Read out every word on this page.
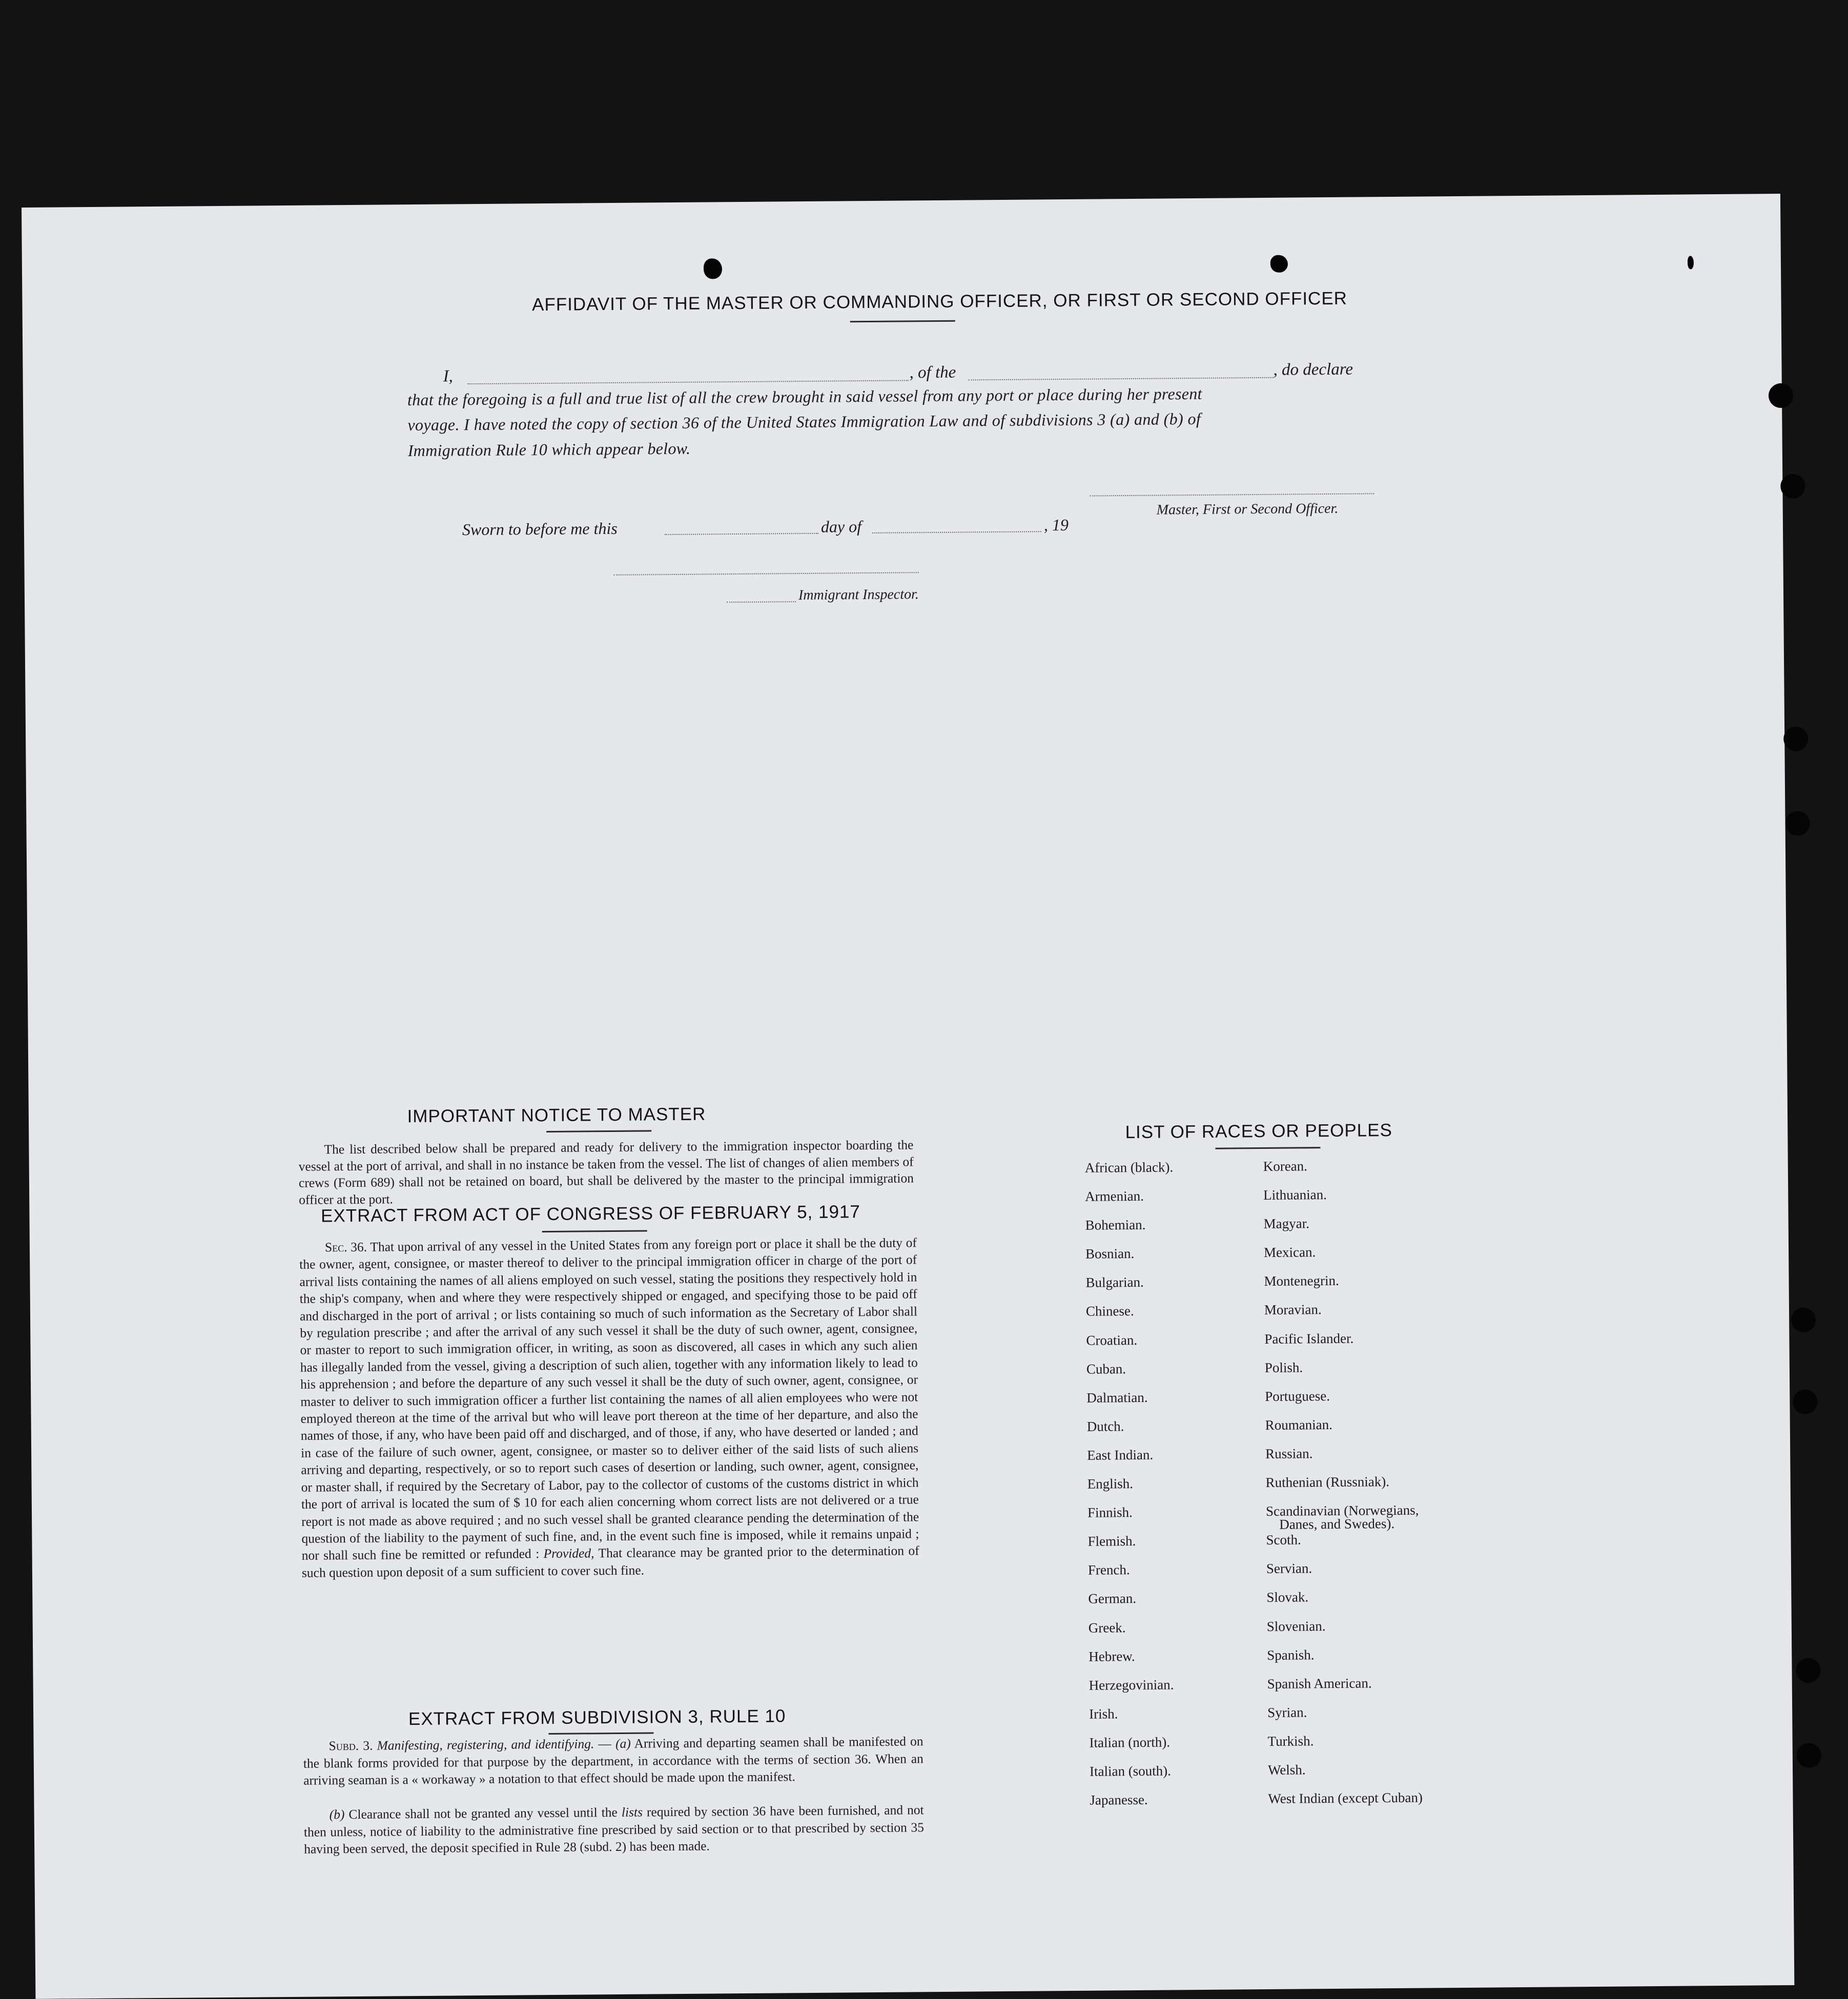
AFFIDAVIT OF THE MASTER OR COMMANDING OFFICER, OR FIRST OR SECOND OFFICER
I,	, of the	, do declare
that the foregoing is a full and true list of all the crew brought in said vessel from any port or place during her present
voyage. I have noted the copy of section 36 of the United States Immigration Law and of subdivisions 3 (a) and (b) of
Immigration Rule 10 which appear below.
Master, First or Second Officer.
Sworn to before me this	day of	, 19
Immigrant Inspector.
IMPORTANT NOTICE TO MASTER
The list described below shall be prepared and ready for delivery to the immigration inspector boarding the vessel at the port of arrival, and shall in no instance be taken from the vessel. The list of changes of alien members of crews (Form 689) shall not be retained on board, but shall be delivered by the master to the principal immigration officer at the port.
EXTRACT FROM ACT OF CONGRESS OF FEBRUARY 5, 1917
Sec. 36. That upon arrival of any vessel in the United States from any foreign port or place it shall be the duty of the owner, agent, consignee, or master thereof to deliver to the principal immigration officer in charge of the port of arrival lists containing the names of all aliens employed on such vessel, stating the positions they respectively hold in the ship's company, when and where they were respectively shipped or engaged, and specifying those to be paid off and discharged in the port of arrival ; or lists containing so much of such information as the Secretary of Labor shall by regulation prescribe ; and after the arrival of any such vessel it shall be the duty of such owner, agent, consignee, or master to report to such immigration officer, in writing, as soon as discovered, all cases in which any such alien has illegally landed from the vessel, giving a description of such alien, together with any information likely to lead to his apprehension ; and before the departure of any such vessel it shall be the duty of such owner, agent, consignee, or master to deliver to such immigration officer a further list containing the names of all alien employees who were not employed thereon at the time of the arrival but who will leave port thereon at the time of her departure, and also the names of those, if any, who have been paid off and discharged, and of those, if any, who have deserted or landed ; and in case of the failure of such owner, agent, consignee, or master so to deliver either of the said lists of such aliens arriving and departing, respectively, or so to report such cases of desertion or landing, such owner, agent, consignee, or master shall, if required by the Secretary of Labor, pay to the collector of customs of the customs district in which the port of arrival is located the sum of $ 10 for each alien concerning whom correct lists are not delivered or a true report is not made as above required ; and no such vessel shall be granted clearance pending the determination of the question of the liability to the payment of such fine, and, in the event such fine is imposed, while it remains unpaid ; nor shall such fine be remitted or refunded : Provided, That clearance may be granted prior to the determination of such question upon deposit of a sum sufficient to cover such fine.
EXTRACT FROM SUBDIVISION 3, RULE 10
Subd. 3. Manifesting, registering, and identifying. — (a) Arriving and departing seamen shall be manifested on the blank forms provided for that purpose by the department, in accordance with the terms of section 36. When an arriving seaman is a « workaway » a notation to that effect should be made upon the manifest.
(b) Clearance shall not be granted any vessel until the lists required by section 36 have been furnished, and not then unless, notice of liability to the administrative fine prescribed by said section or to that prescribed by section 35 having been served, the deposit specified in Rule 28 (subd. 2) has been made.
LIST OF RACES OR PEOPLES
African (black).
Armenian.
Bohemian.
Bosnian.
Bulgarian.
Chinese.
Croatian.
Cuban.
Dalmatian.
Dutch.
East Indian.
English.
Finnish.
Flemish.
French.
German.
Greek.
Hebrew.
Herzegovinian.
Irish.
Italian (north).
Italian (south).
Japanesse.
Korean.
Lithuanian.
Magyar.
Mexican.
Montenegrin.
Moravian.
Pacific Islander.
Polish.
Portuguese.
Roumanian.
Russian.
Ruthenian (Russniak).
Scandinavian (Norwegians,
Danes, and Swedes).
Scoth.
Servian.
Slovak.
Slovenian.
Spanish.
Spanish American.
Syrian.
Turkish.
Welsh.
West Indian (except Cuban)
